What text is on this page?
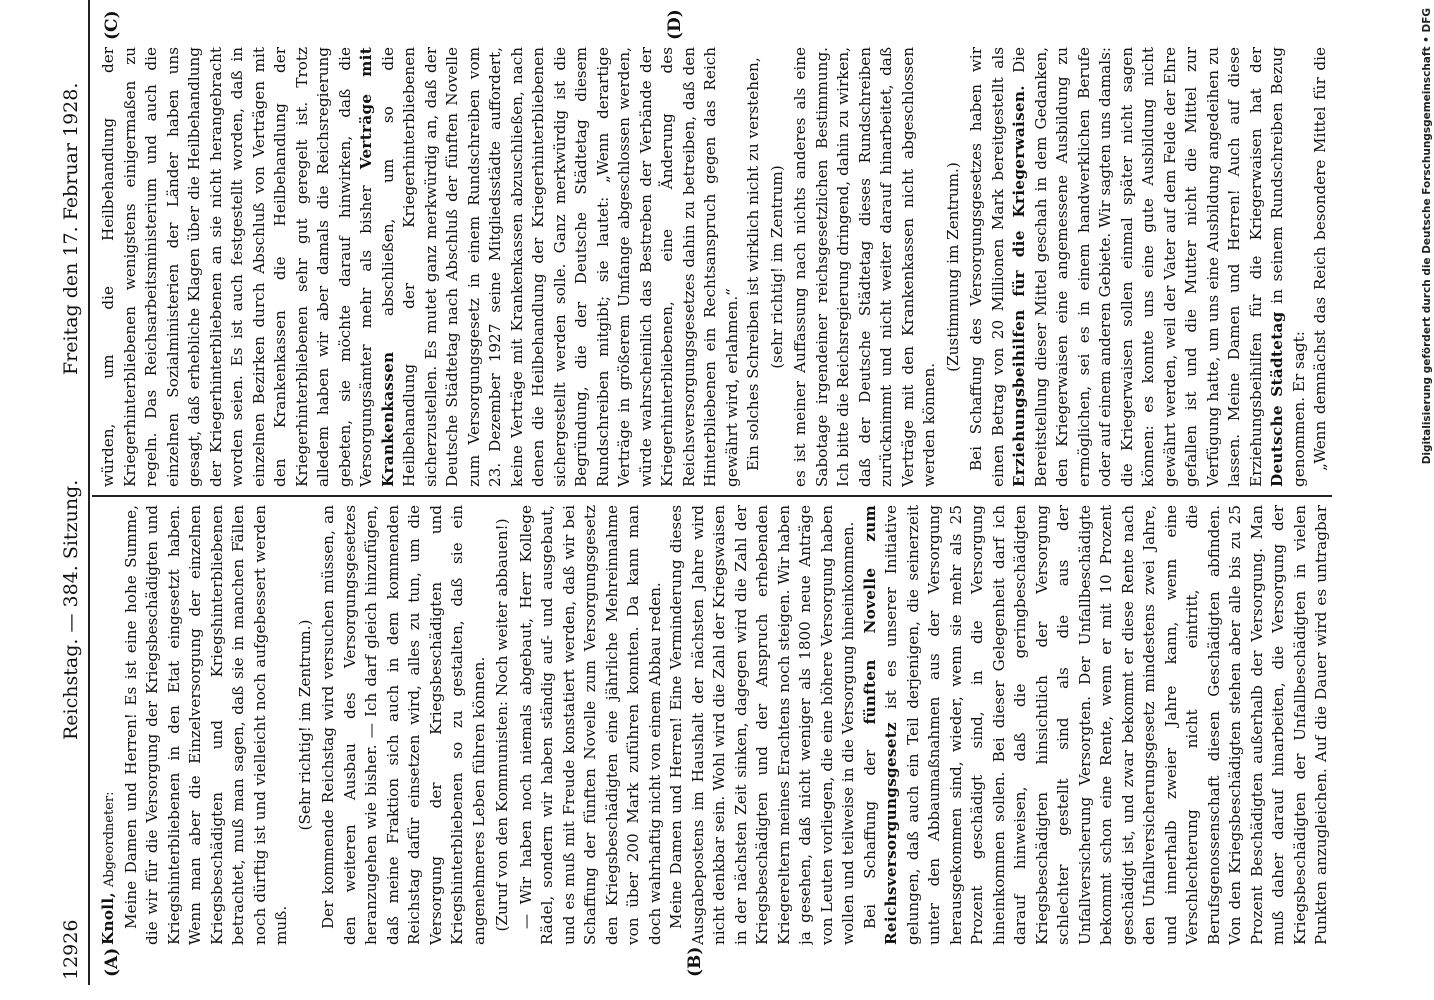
12926
Reichstag. — 384. Sitzung.
Freitag den 17. Februar 1928.
(A)	(B)
(C)	(D)

Knoll, Abgeordneter: Meine Damen und Herren! Es ist eine hohe Summe, die wir für die Versorgung der Kriegsbeschädigten und Kriegshinterbliebenen in den Etat eingesetzt haben. Wenn man aber die Einzelversorgung der einzelnen Kriegsbeschädigten und Kriegshinterbliebenen betrachtet, muß man sagen, daß sie in manchen Fällen noch dürftig ist und vielleicht noch aufgebessert werden muß.

(Sehr richtig! im Zentrum.) Der kommende Reichstag wird versuchen müssen, an den weiteren Ausbau des Versorgungsgesetzes heranzugehen wie bisher. — Ich darf gleich hinzufügen, daß meine Fraktion sich auch in dem kommenden Reichstag dafür einsetzen wird, alles zu tun, um die Versorgung der Kriegsbeschädigten und Kriegshinterbliebenen so zu gestalten, daß sie ein angenehmeres Leben führen können. (Zuruf von den Kommunisten: Noch weiter abbauen!) — Wir haben noch niemals abgebaut, Herr Kollege Rädel, sondern wir haben ständig auf- und ausgebaut, und es muß mit Freude konstatiert werden, daß wir bei Schaffung der fünften Novelle zum Versorgungsgesetz den Kriegsbeschädigten eine jährliche Mehreinnahme von über 200 Mark zuführen konnten. Da kann man doch wahrhaftig nicht von einem Abbau reden. Meine Damen und Herren! Eine Verminderung dieses Ausgabepostens im Haushalt der nächsten Jahre wird nicht denkbar sein. Wohl wird die Zahl der Kriegswaisen in der nächsten Zeit sinken, dagegen wird die Zahl der Kriegsbeschädigten und der Anspruch erhebenden Kriegereltern meines Erachtens noch steigen. Wir haben ja gesehen, daß nicht weniger als 1800 neue Anträge von Leuten vorliegen, die eine höhere Versorgung haben wollen und teilweise in die Versorgung hineinkommen. Bei Schaffung der fünften Novelle zum Reichsversorgungsgesetz ist es unserer Initiative gelungen, daß auch ein Teil derjenigen, die seinerzeit unter den Abbaumaßnahmen aus der Versorgung herausgekommen sind, wieder, wenn sie mehr als 25 Prozent geschädigt sind, in die Versorgung hineinkommen sollen. Bei dieser Gelegenheit darf ich darauf hinweisen, daß die geringbeschädigten Kriegsbeschädigten hinsichtlich der Versorgung schlechter gestellt sind als die aus der Unfallversicherung Versorgten. Der Unfallbeschädigte bekommt schon eine Rente, wenn er mit 10 Prozent geschädigt ist, und zwar bekommt er diese Rente nach den Unfallversicherungsgesetz mindestens zwei Jahre, und innerhalb zweier Jahre kann, wenn eine Verschlechterung nicht eintritt, die Berufsgenossenschaft diesen Geschädigten abfinden. Von den Kriegsbeschädigten stehen aber alle bis zu 25 Prozent Beschädigten außerhalb der Versorgung. Man muß daher darauf hinarbeiten, die Versorgung der Kriegsbeschädigten der Unfallbeschädigten in vielen Punkten anzugleichen. Auf die Dauer wird es untragbar

würden, um die Heilbehandlung der Kriegerhinterbliebenen wenigstens einigermaßen zu regeln. Das Reichsarbeitsministerium und auch die einzelnen Sozialministerien der Länder haben uns gesagt, daß erhebliche Klagen über die Heilbehandlung der Kriegerhinterbliebenen an sie nicht herangebracht worden seien. Es ist auch festgestellt worden, daß in einzelnen Bezirken durch Abschluß von Verträgen mit den Krankenkassen die Heilbehandlung der Kriegerhinterbliebenen sehr gut geregelt ist. Trotz alledem haben wir aber damals die Reichsregierung gebeten, sie möchte darauf hinwirken, daß die Versorgungsämter mehr als bisher Verträge mit Krankenkassen abschließen, um so die Heilbehandlung der Kriegerhinterbliebenen sicherzustellen. Es mutet ganz merkwürdig an, daß der Deutsche Städtetag nach Abschluß der fünften Novelle zum Versorgungsgesetz in einem Rundschreiben vom 23. Dezember 1927 seine Mitgliedsstädte auffordert, keine Verträge mit Krankenkassen abzuschließen, nach denen die Heilbehandlung der Kriegerhinterbliebenen sichergestellt werden solle. Ganz merkwürdig ist die Begründung, die der Deutsche Städtetag diesem Rundschreiben mitgibt; sie lautet: „Wenn derartige Verträge in größerem Umfange abgeschlossen werden, würde wahrscheinlich das Bestreben der Verbände der Kriegerhinterbliebenen, eine Änderung des Reichsversorgungsgesetzes dahin zu betreiben, daß den Hinterbliebenen ein Rechtsanspruch gegen das Reich gewährt wird, erlahmen.“ Ein solches Schreiben ist wirklich nicht zu verstehen, (sehr richtig! im Zentrum) es ist meiner Auffassung nach nichts anderes als eine Sabotage irgendeiner reichsgesetzlichen Bestimmung. Ich bitte die Reichsregierung dringend, dahin zu wirken, daß der Deutsche Städtetag dieses Rundschreiben zurücknimmt und nicht weiter darauf hinarbeitet, daß Verträge mit den Krankenkassen nicht abgeschlossen werden können.

(Zustimmung im Zentrum.) Bei Schaffung des Versorgungsgesetzes haben wir einen Betrag von 20 Millionen Mark bereitgestellt als Erziehungsbeihilfen für die Kriegerwaisen. Die Bereitstellung dieser Mittel geschah in dem Gedanken, den Kriegerwaisen eine angemessene Ausbildung zu ermöglichen, sei es in einem handwerklichen Berufe oder auf einem anderen Gebiete. Wir sagten uns damals: die Kriegerwaisen sollen einmal später nicht sagen können: es konnte uns eine gute Ausbildung nicht gewährt werden, weil der Vater auf dem Felde der Ehre gefallen ist und die Mutter nicht die Mittel zur Verfügung hatte, um uns eine Ausbildung angedeihen zu lassen. Meine Damen und Herren! Auch auf diese Erziehungsbeihilfen für die Kriegerwaisen hat der Deutsche Städtetag in seinem Rundschreiben Bezug genommen. Er sagt: „Wenn demnächst das Reich besondere Mittel für die	Digitalisierung gefördert durch die Deutsche Forschungsgemeinschaft • DFG
